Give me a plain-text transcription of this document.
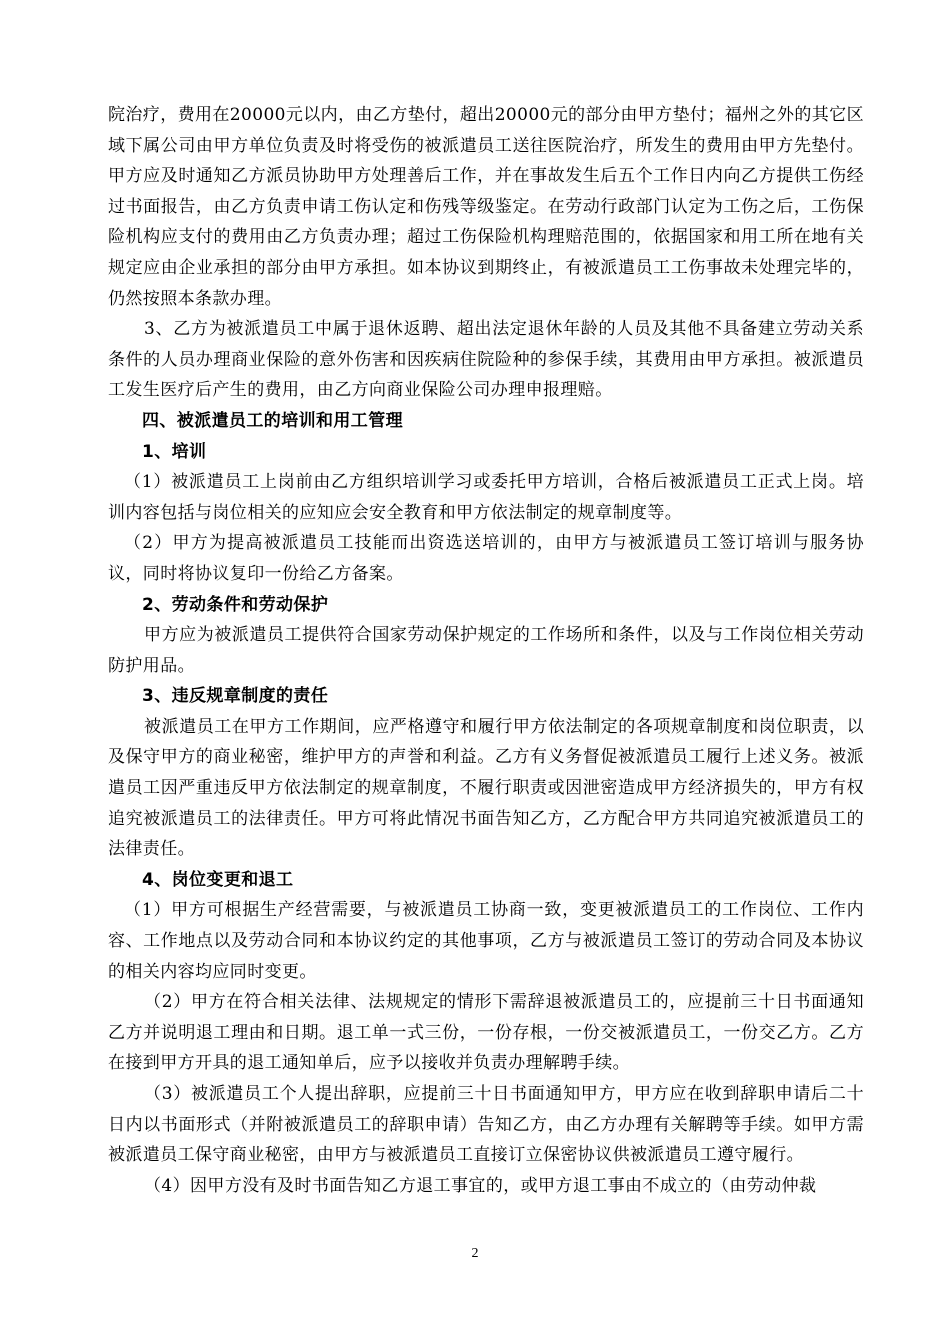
院治疗，费用在20000元以内，由乙方垫付，超出20000元的部分由甲方垫付；福州之外的其它区域下属公司由甲方单位负责及时将受伤的被派遣员工送往医院治疗，所发生的费用由甲方先垫付。甲方应及时通知乙方派员协助甲方处理善后工作，并在事故发生后五个工作日内向乙方提供工伤经过书面报告，由乙方负责申请工伤认定和伤残等级鉴定。在劳动行政部门认定为工伤之后，工伤保险机构应支付的费用由乙方负责办理；超过工伤保险机构理赔范围的，依据国家和用工所在地有关规定应由企业承担的部分由甲方承担。如本协议到期终止，有被派遣员工工伤事故未处理完毕的，仍然按照本条款办理。

3、乙方为被派遣员工中属于退休返聘、超出法定退休年龄的人员及其他不具备建立劳动关系条件的人员办理商业保险的意外伤害和因疾病住院险种的参保手续，其费用由甲方承担。被派遣员工发生医疗后产生的费用，由乙方向商业保险公司办理申报理赔。

四、被派遣员工的培训和用工管理

1、培训

（1）被派遣员工上岗前由乙方组织培训学习或委托甲方培训，合格后被派遣员工正式上岗。培训内容包括与岗位相关的应知应会安全教育和甲方依法制定的规章制度等。

（2）甲方为提高被派遣员工技能而出资选送培训的，由甲方与被派遣员工签订培训与服务协议，同时将协议复印一份给乙方备案。

2、劳动条件和劳动保护

甲方应为被派遣员工提供符合国家劳动保护规定的工作场所和条件，以及与工作岗位相关劳动防护用品。

3、违反规章制度的责任

被派遣员工在甲方工作期间，应严格遵守和履行甲方依法制定的各项规章制度和岗位职责，以及保守甲方的商业秘密，维护甲方的声誉和利益。乙方有义务督促被派遣员工履行上述义务。被派遣员工因严重违反甲方依法制定的规章制度，不履行职责或因泄密造成甲方经济损失的，甲方有权追究被派遣员工的法律责任。甲方可将此情况书面告知乙方，乙方配合甲方共同追究被派遣员工的法律责任。

4、岗位变更和退工

（1）甲方可根据生产经营需要，与被派遣员工协商一致，变更被派遣员工的工作岗位、工作内容、工作地点以及劳动合同和本协议约定的其他事项，乙方与被派遣员工签订的劳动合同及本协议的相关内容均应同时变更。

（2）甲方在符合相关法律、法规规定的情形下需辞退被派遣员工的，应提前三十日书面通知乙方并说明退工理由和日期。退工单一式三份，一份存根，一份交被派遣员工，一份交乙方。乙方在接到甲方开具的退工通知单后，应予以接收并负责办理解聘手续。

（3）被派遣员工个人提出辞职，应提前三十日书面通知甲方，甲方应在收到辞职申请后二十日内以书面形式（并附被派遣员工的辞职申请）告知乙方，由乙方办理有关解聘等手续。如甲方需被派遣员工保守商业秘密，由甲方与被派遣员工直接订立保密协议供被派遣员工遵守履行。

（4）因甲方没有及时书面告知乙方退工事宜的，或甲方退工事由不成立的（由劳动仲裁

2
